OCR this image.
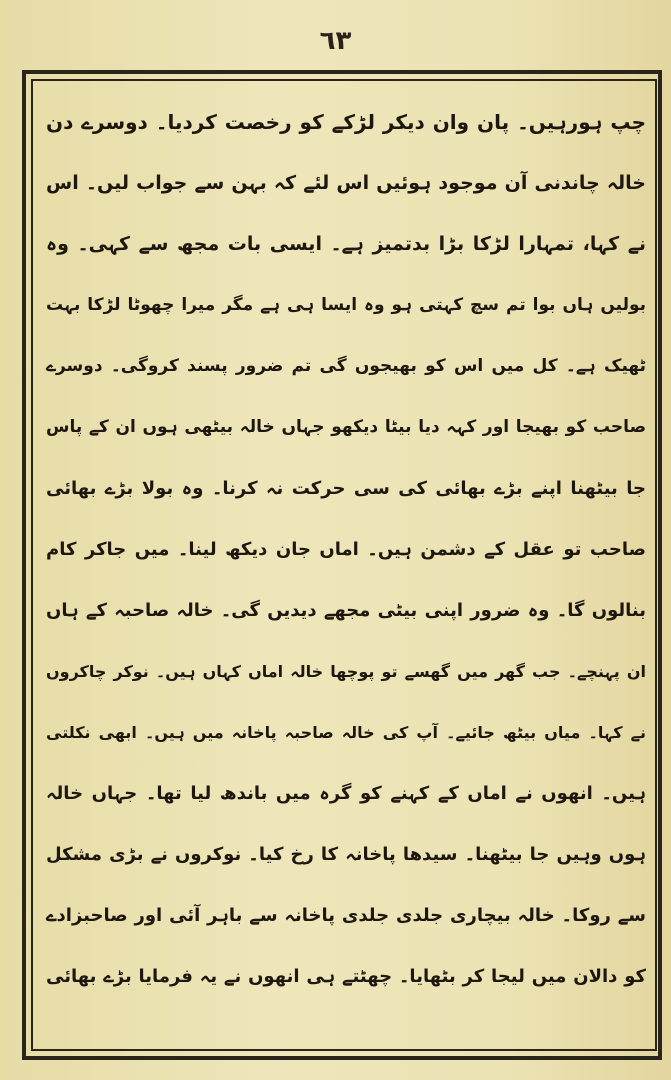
٦٣
چپ ہورہیں۔ پان وان دیکر لڑکے کو رخصت کردیا۔ دوسرے دن
خالہ چاندنی آن موجود ہوئیں اس لئے کہ بہن سے جواب لیں۔ اس
نے کہا، تمہارا لڑکا بڑا بدتمیز ہے۔ ایسی بات مجھ سے کہی۔ وہ
بولیں ہاں بوا تم سچ کہتی ہو وہ ایسا ہی ہے مگر میرا چھوٹا لڑکا بہت
ٹھیک ہے۔ کل میں اس کو بھیجوں گی تم ضرور پسند کروگی۔ دوسرے
صاحب کو بھیجا اور کہہ دیا بیٹا دیکھو جہاں خالہ بیٹھی ہوں ان کے پاس
جا بیٹھنا اپنے بڑے بھائی کی سی حرکت نہ کرنا۔ وہ بولا بڑے بھائی
صاحب تو عقل کے دشمن ہیں۔ اماں جان دیکھ لینا۔ میں جاکر کام
بنالوں گا۔ وہ ضرور اپنی بیٹی مجھے دیدیں گی۔ خالہ صاحبہ کے ہاں
ان پہنچے۔ جب گھر میں گھسے تو پوچھا خالہ اماں کہاں ہیں۔ نوکر چاکروں
نے کہا۔ میاں بیٹھ جائیے۔ آپ کی خالہ صاحبہ پاخانہ میں ہیں۔ ابھی نکلتی
ہیں۔ انھوں نے اماں کے کہنے کو گرہ میں باندھ لیا تھا۔ جہاں خالہ
ہوں وہیں جا بیٹھنا۔ سیدھا پاخانہ کا رخ کیا۔ نوکروں نے بڑی مشکل
سے روکا۔ خالہ بیچاری جلدی جلدی پاخانہ سے باہر آئی اور صاحبزادے
کو دالان میں لیجا کر بٹھایا۔ چھٹتے ہی انھوں نے یہ فرمایا بڑے بھائی
